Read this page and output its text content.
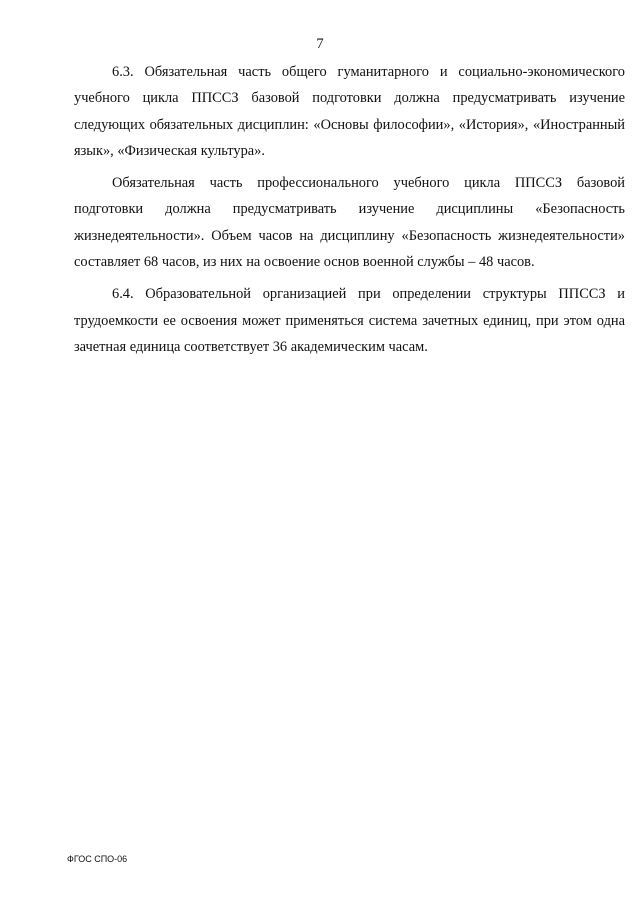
7

6.3. Обязательная часть общего гуманитарного и социально-экономического учебного цикла ППССЗ базовой подготовки должна предусматривать изучение следующих обязательных дисциплин: «Основы философии», «История», «Иностранный язык», «Физическая культура».

Обязательная часть профессионального учебного цикла ППССЗ базовой подготовки должна предусматривать изучение дисциплины «Безопасность жизнедеятельности». Объем часов на дисциплину «Безопасность жизнедеятельности» составляет 68 часов, из них на освоение основ военной службы – 48 часов.

6.4. Образовательной организацией при определении структуры ППССЗ и трудоемкости ее освоения может применяться система зачетных единиц, при этом одна зачетная единица соответствует 36 академическим часам.

ФГОС СПО-06
